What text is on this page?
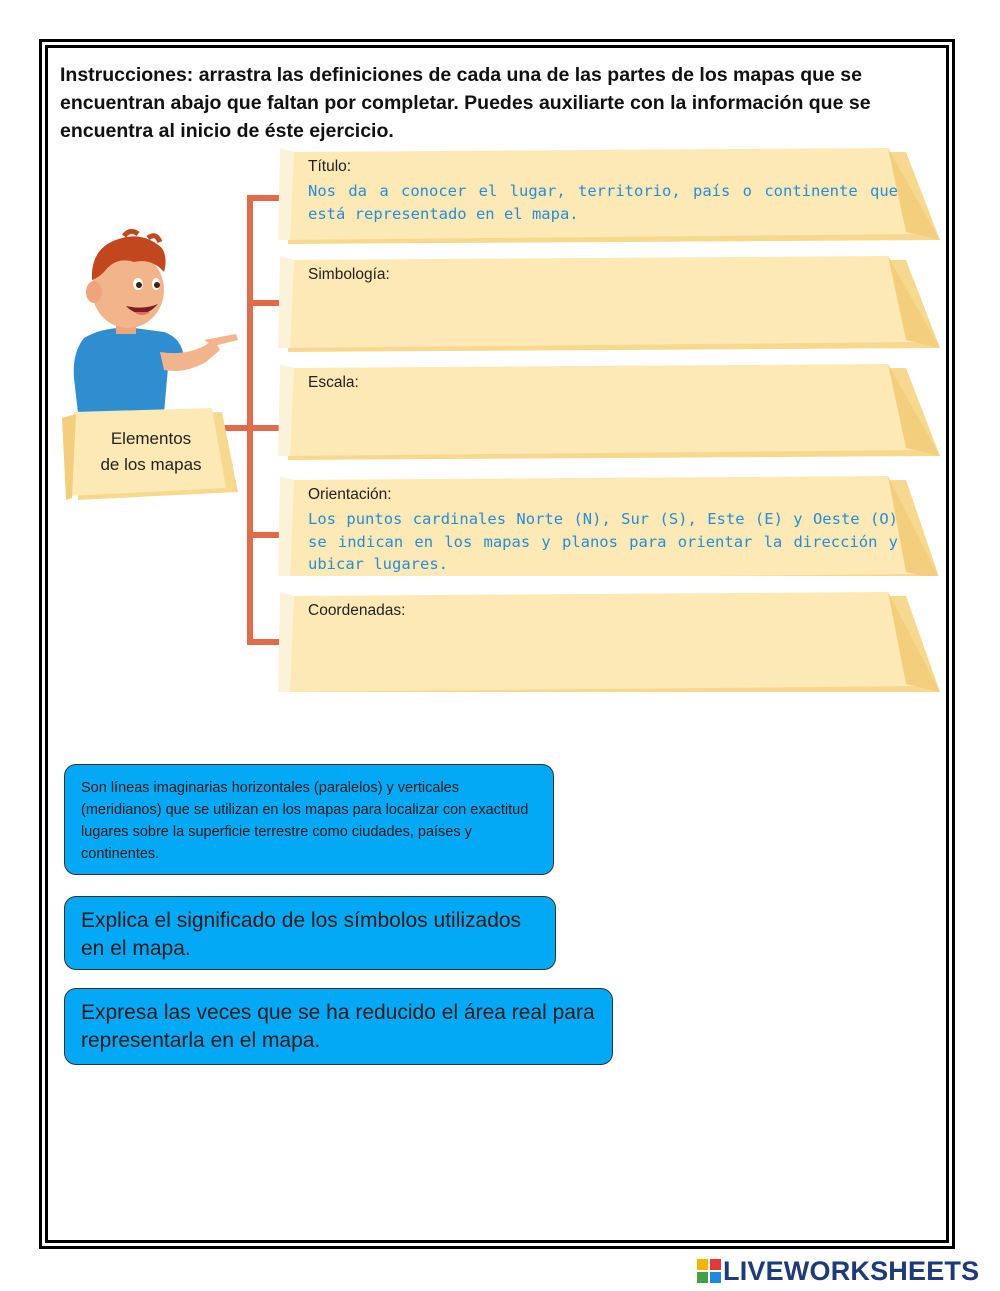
Instrucciones: arrastra las definiciones de cada una de las partes de los mapas que se encuentran abajo que faltan por completar. Puedes auxiliarte con la información que se encuentra al inicio de éste ejercicio.

Título:
Nos da a conocer el lugar, territorio, país o continente que está representado en el mapa.
Simbología:
Escala:
Orientación:
Los puntos cardinales Norte (N), Sur (S), Este (E) y Oeste (O) se indican en los mapas y planos para orientar la dirección y ubicar lugares.
Coordenadas:
Elementos
de los mapas
Son líneas imaginarias horizontales (paralelos) y verticales (meridianos) que se utilizan en los mapas para localizar con exactitud lugares sobre la superficie terrestre como ciudades, países y continentes.
Explica el significado de los símbolos utilizados en el mapa.
Expresa las veces que se ha reducido el área real para representarla en el mapa.
LIVEWORKSHEETS
